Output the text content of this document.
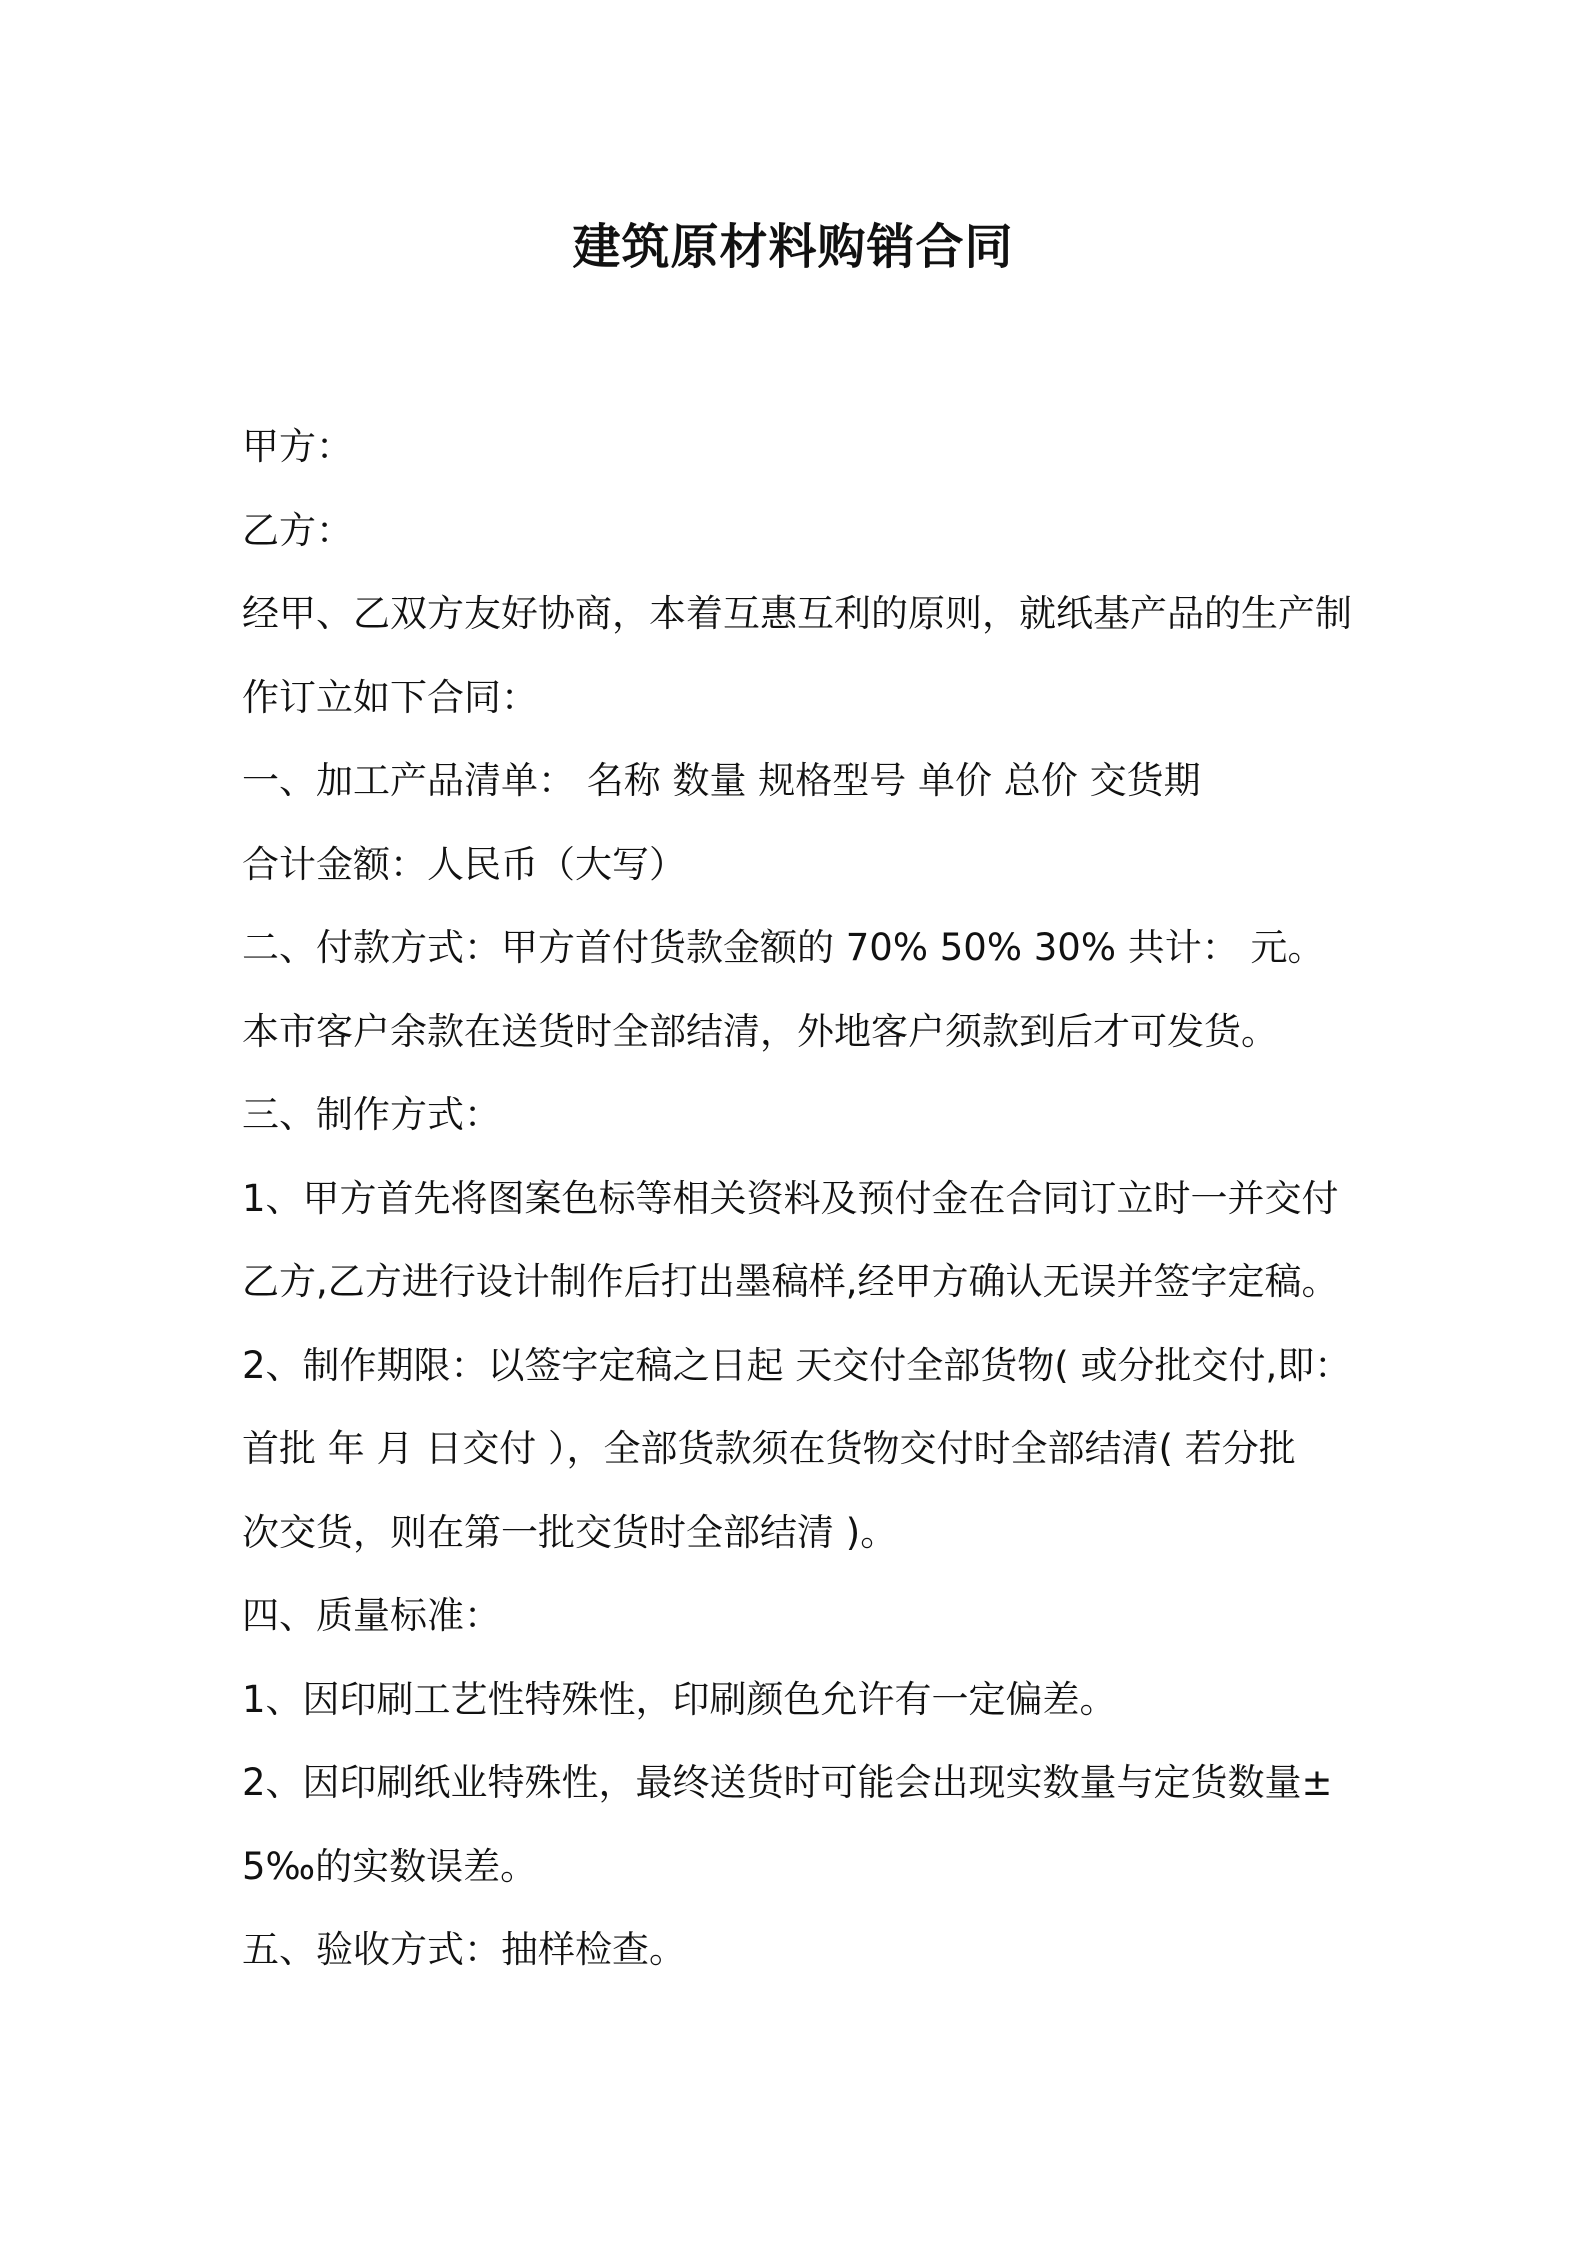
建筑原材料购销合同
甲方：
乙方：
经甲、乙双方友好协商，本着互惠互利的原则，就纸基产品的生产制
作订立如下合同：
一、加工产品清单： 名称 数量 规格型号 单价 总价 交货期
合计金额：人民币（大写）
二、付款方式：甲方首付货款金额的 70% 50% 30% 共计： 元。
本市客户余款在送货时全部结清，外地客户须款到后才可发货。
三、制作方式：
1、甲方首先将图案色标等相关资料及预付金在合同订立时一并交付
乙方,乙方进行设计制作后打出墨稿样,经甲方确认无误并签字定稿。
2、制作期限：以签字定稿之日起 天交付全部货物( 或分批交付,即：
首批 年 月 日交付 ），全部货款须在货物交付时全部结清( 若分批
次交货，则在第一批交货时全部结清 )。
四、质量标准：
1、因印刷工艺性特殊性，印刷颜色允许有一定偏差。
2、因印刷纸业特殊性，最终送货时可能会出现实数量与定货数量±
5‰的实数误差。
五、验收方式：抽样检查。
